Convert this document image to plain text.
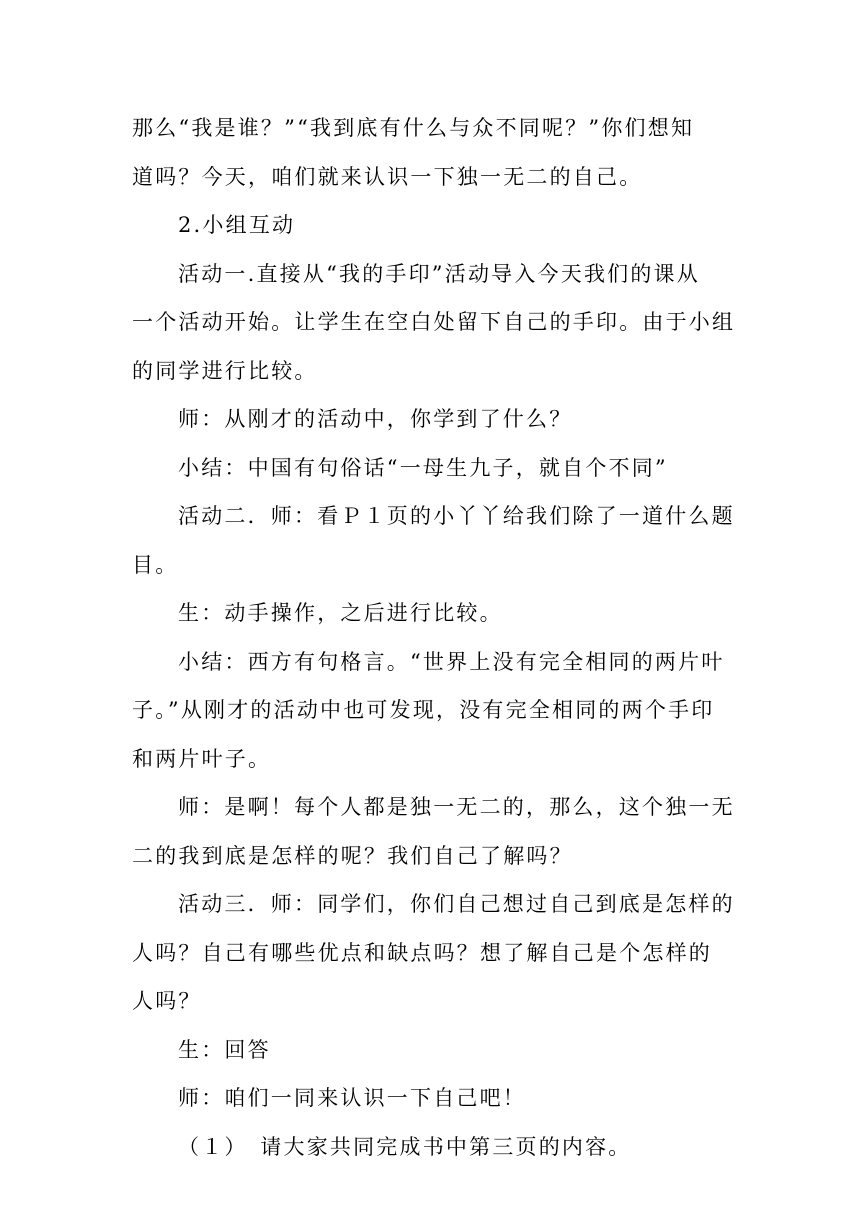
那么“我是谁？”“我到底有什么与众不同呢？”你们想知
道吗？今天，咱们就来认识一下独一无二的自己。
2.小组互动
活动一.直接从“我的手印”活动导入今天我们的课从
一个活动开始。让学生在空白处留下自己的手印。由于小组
的同学进行比较。
师：从刚才的活动中，你学到了什么？
小结：中国有句俗话“一母生九子，就自个不同”
活动二．师：看Ｐ１页的小丫丫给我们除了一道什么题
目。
生：动手操作，之后进行比较。
小结：西方有句格言。“世界上没有完全相同的两片叶
子。”从刚才的活动中也可发现，没有完全相同的两个手印
和两片叶子。
师：是啊！每个人都是独一无二的，那么，这个独一无
二的我到底是怎样的呢？我们自己了解吗？
活动三．师：同学们，你们自己想过自己到底是怎样的
人吗？自己有哪些优点和缺点吗？想了解自己是个怎样的
人吗？
生：回答
师：咱们一同来认识一下自己吧！
（１）　请大家共同完成书中第三页的内容。
